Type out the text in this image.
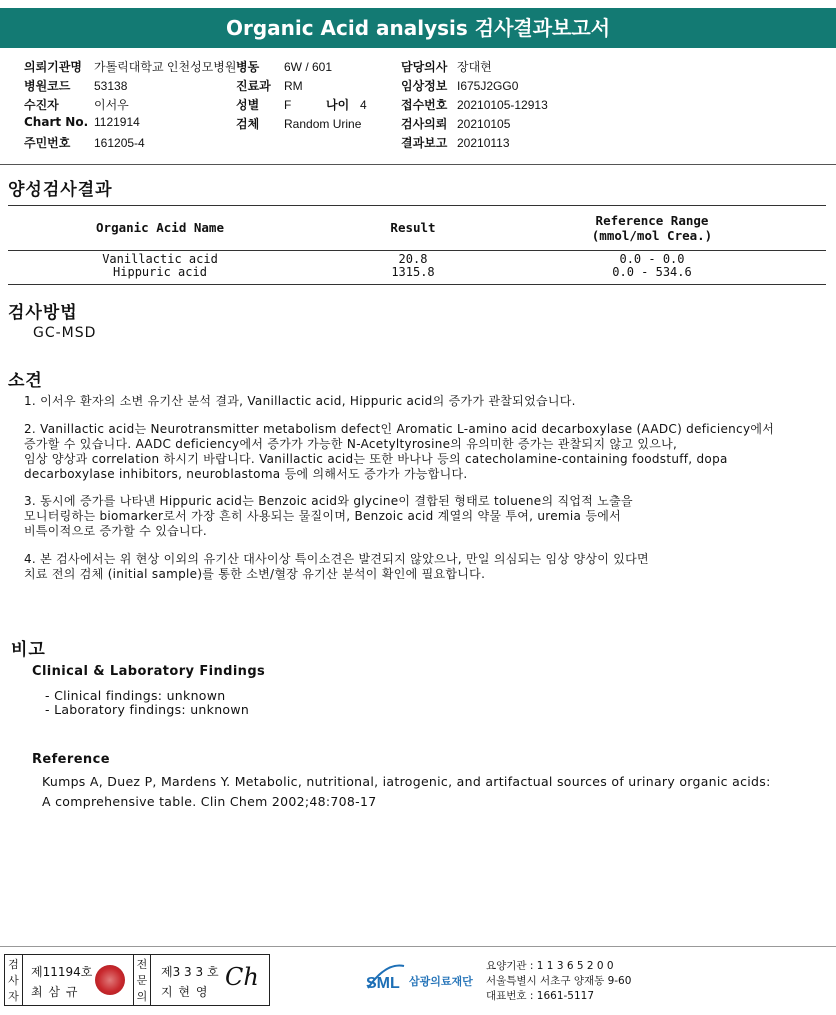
Organic Acid analysis 검사결과보고서
의뢰기관명 가톨릭대학교 인천성모병원 병동 6W / 601	담당의사 장대현
병원코드 53138	진료과 RM	임상정보 I675J2GG0
수진자	이서우	성별 F	나이 4	접수번호 20210105-12913
Chart No. 1121914	검체 Random Urine	검사의뢰 20210105
주민번호 161205-4	결과보고 20210113
양성검사결과
Organic Acid Name	Result	Reference Range
(mmol/mol Crea.)
Vanillactic acid	20.8	0.0 - 0.0
Hippuric acid	1315.8	0.0 - 534.6
검사방법
GC-MSD
소견
1. 이서우 환자의 소변 유기산 분석 결과, Vanillactic acid, Hippuric acid의 증가가 관찰되었습니다.
2. Vanillactic acid는 Neurotransmitter metabolism defect인 Aromatic L-amino acid decarboxylase (AADC) deficiency에서
증가할 수 있습니다. AADC deficiency에서 증가가 가능한 N-Acetyltyrosine의 유의미한 증가는 관찰되지 않고 있으나,
임상 양상과 correlation 하시기 바랍니다. Vanillactic acid는 또한 바나나 등의 catecholamine-containing foodstuff, dopa
decarboxylase inhibitors, neuroblastoma 등에 의해서도 증가가 가능합니다.
3. 동시에 증가를 나타낸 Hippuric acid는 Benzoic acid와 glycine이 결합된 형태로 toluene의 직업적 노출을
모니터링하는 biomarker로서 가장 흔히 사용되는 물질이며, Benzoic acid 계열의 약물 투여, uremia 등에서
비특이적으로 증가할 수 있습니다.
4. 본 검사에서는 위 현상 이외의 유기산 대사이상 특이소견은 발견되지 않았으나, 만일 의심되는 임상 양상이 있다면
치료 전의 검체 (initial sample)를 통한 소변/혈장 유기산 분석이 확인에 필요합니다.
비고
Clinical & Laboratory Findings
- Clinical findings: unknown
- Laboratory findings: unknown
Reference
Kumps A, Duez P, Mardens Y. Metabolic, nutritional, iatrogenic, and artifactual sources of urinary organic acids:
A comprehensive table. Clin Chem 2002;48:708-17
검사자
제11194호
최 삼 규
전문의
제3 3 3 호
지 현 영
Ch	SML 삼광의료재단
요양기관 : 1 1 3 6 5 2 0 0
서울특별시 서초구 양재동 9-60
대표번호 : 1661-5117
